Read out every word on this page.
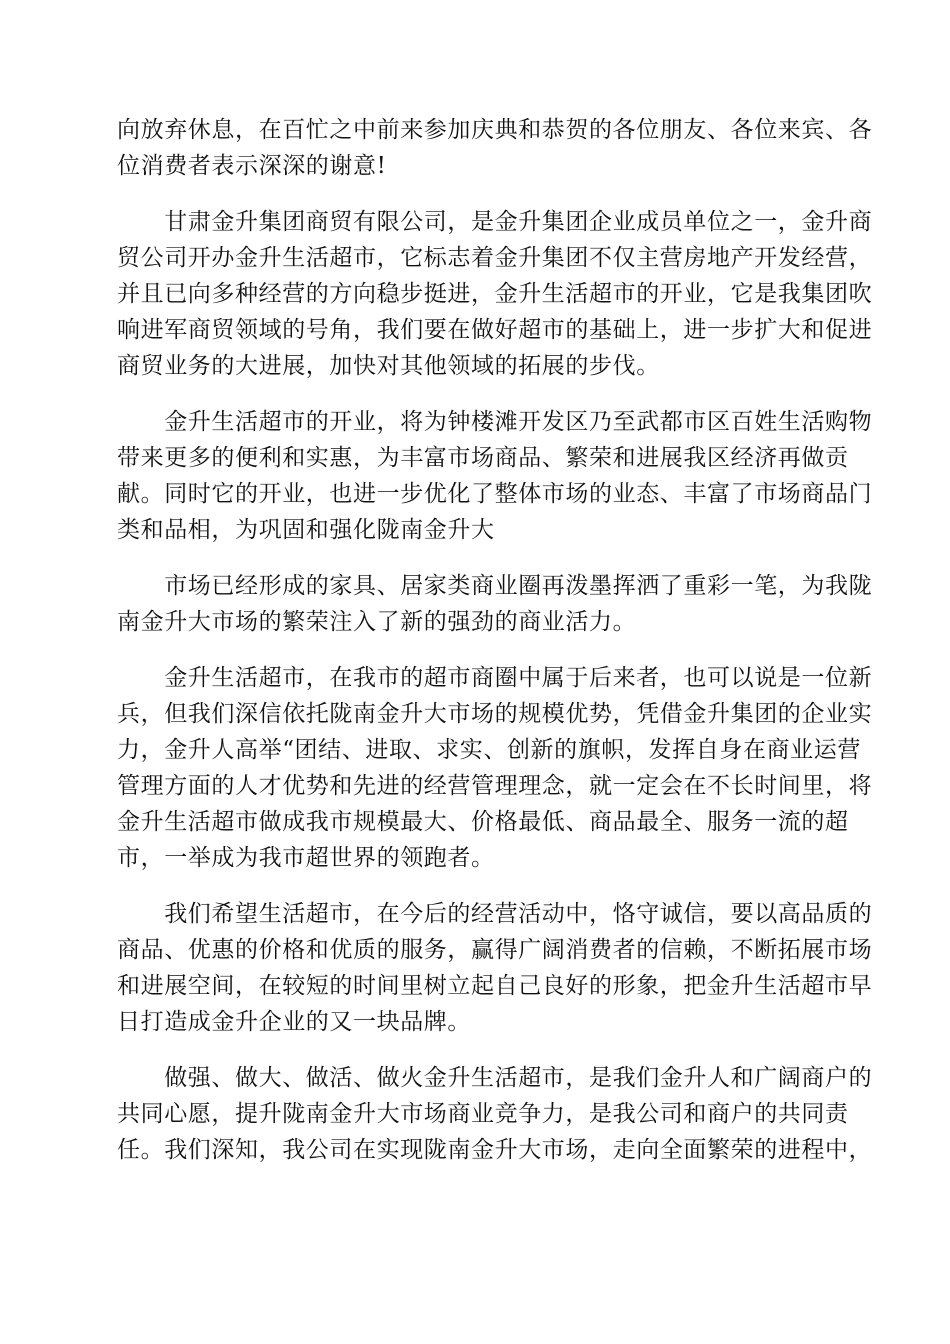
向放弃休息，在百忙之中前来参加庆典和恭贺的各位朋友、各位来宾、各
位消费者表示深深的谢意!

　　甘肃金升集团商贸有限公司，是金升集团企业成员单位之一，金升商
贸公司开办金升生活超市，它标志着金升集团不仅主营房地产开发经营，
并且已向多种经营的方向稳步挺进，金升生活超市的开业，它是我集团吹
响进军商贸领域的号角，我们要在做好超市的基础上，进一步扩大和促进
商贸业务的大进展，加快对其他领域的拓展的步伐。

　　金升生活超市的开业，将为钟楼滩开发区乃至武都市区百姓生活购物
带来更多的便利和实惠，为丰富市场商品、繁荣和进展我区经济再做贡
献。同时它的开业，也进一步优化了整体市场的业态、丰富了市场商品门
类和品相，为巩固和强化陇南金升大

　　市场已经形成的家具、居家类商业圈再泼墨挥洒了重彩一笔，为我陇
南金升大市场的繁荣注入了新的强劲的商业活力。

　　金升生活超市，在我市的超市商圈中属于后来者，也可以说是一位新
兵，但我们深信依托陇南金升大市场的规模优势，凭借金升集团的企业实
力，金升人高举“团结、进取、求实、创新的旗帜，发挥自身在商业运营
管理方面的人才优势和先进的经营管理理念，就一定会在不长时间里，将
金升生活超市做成我市规模最大、价格最低、商品最全、服务一流的超
市，一举成为我市超世界的领跑者。

　　我们希望生活超市，在今后的经营活动中，恪守诚信，要以高品质的
商品、优惠的价格和优质的服务，赢得广阔消费者的信赖，不断拓展市场
和进展空间，在较短的时间里树立起自己良好的形象，把金升生活超市早
日打造成金升企业的又一块品牌。

　　做强、做大、做活、做火金升生活超市，是我们金升人和广阔商户的
共同心愿，提升陇南金升大市场商业竞争力，是我公司和商户的共同责
任。我们深知，我公司在实现陇南金升大市场，走向全面繁荣的进程中，
